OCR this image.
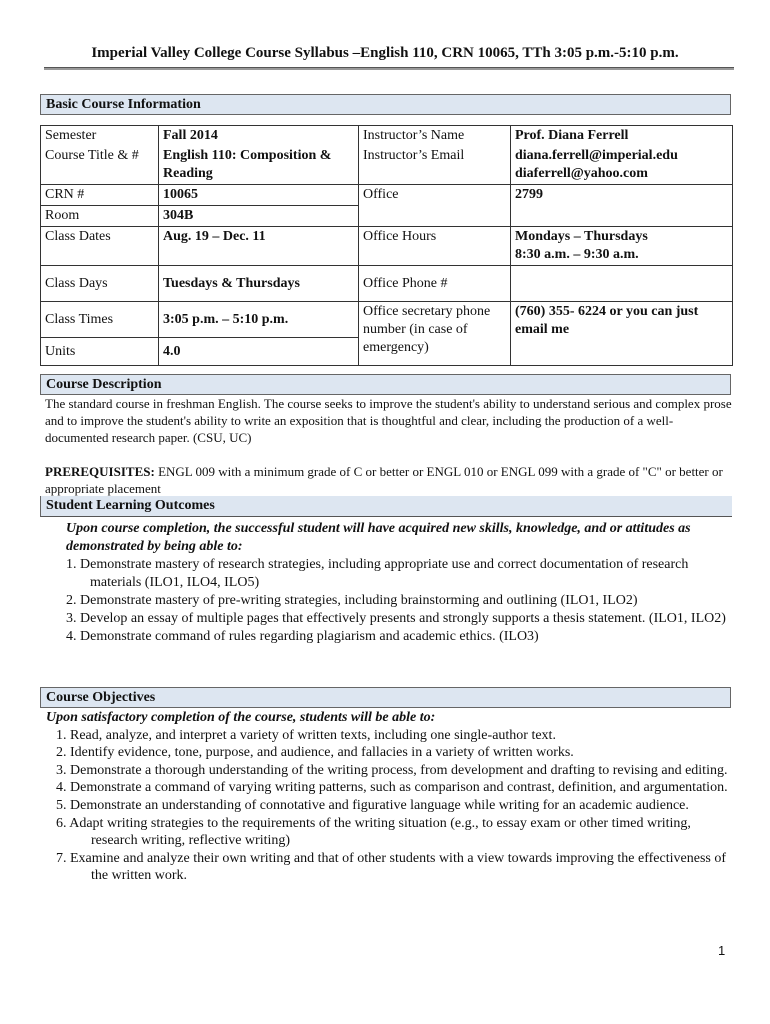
Imperial Valley College Course Syllabus –English 110, CRN 10065, TTh 3:05 p.m.-5:10 p.m.
Basic Course Information
Semester	Fall 2014	Instructor’s Name	Prof. Diana Ferrell
Course Title & #	English 110: Composition & Reading	Instructor’s Email	diana.ferrell@imperial.edu
diaferrell@yahoo.com

CRN #	10065	Office	2799
Room	304B		
Class Dates	Aug. 19 – Dec. 11	Office Hours	Mondays – Thursdays
8:30 a.m. – 9:30 a.m.

Class Days	Tuesdays & Thursdays	Office Phone #	
Class Times	3:05 p.m. – 5:10 p.m.	Office secretary phone number (in case of emergency)	(760) 355- 6224 or you can just email me
Units	4.0		
Course Description
The standard course in freshman English. The course seeks to improve the student's ability to understand serious and complex prose and to improve the student's ability to write an exposition that is thoughtful and clear, including the production of a well-documented research paper. (CSU, UC)
PREREQUISITES: ENGL 009 with a minimum grade of C or better or ENGL 010 or ENGL 099 with a grade of "C" or better or appropriate placement
Student Learning Outcomes
Upon course completion, the successful student will have acquired new skills, knowledge, and or attitudes as demonstrated by being able to:
1. Demonstrate mastery of research strategies, including appropriate use and correct documentation of research materials (ILO1, ILO4, ILO5)
2. Demonstrate mastery of pre-writing strategies, including brainstorming and outlining (ILO1, ILO2)
3. Develop an essay of multiple pages that effectively presents and strongly supports a thesis statement. (ILO1, ILO2)
4. Demonstrate command of rules regarding plagiarism and academic ethics. (ILO3)
Course Objectives
Upon satisfactory completion of the course, students will be able to:
1. Read, analyze, and interpret a variety of written texts, including one single-author text.
2. Identify evidence, tone, purpose, and audience, and fallacies in a variety of written works.
3. Demonstrate a thorough understanding of the writing process, from development and drafting to revising and editing.
4. Demonstrate a command of varying writing patterns, such as comparison and contrast, definition, and argumentation.
5. Demonstrate an understanding of connotative and figurative language while writing for an academic audience.
6. Adapt writing strategies to the requirements of the writing situation (e.g., to essay exam or other timed writing, research writing, reflective writing)
7. Examine and analyze their own writing and that of other students with a view towards improving the effectiveness of the written work.
1
